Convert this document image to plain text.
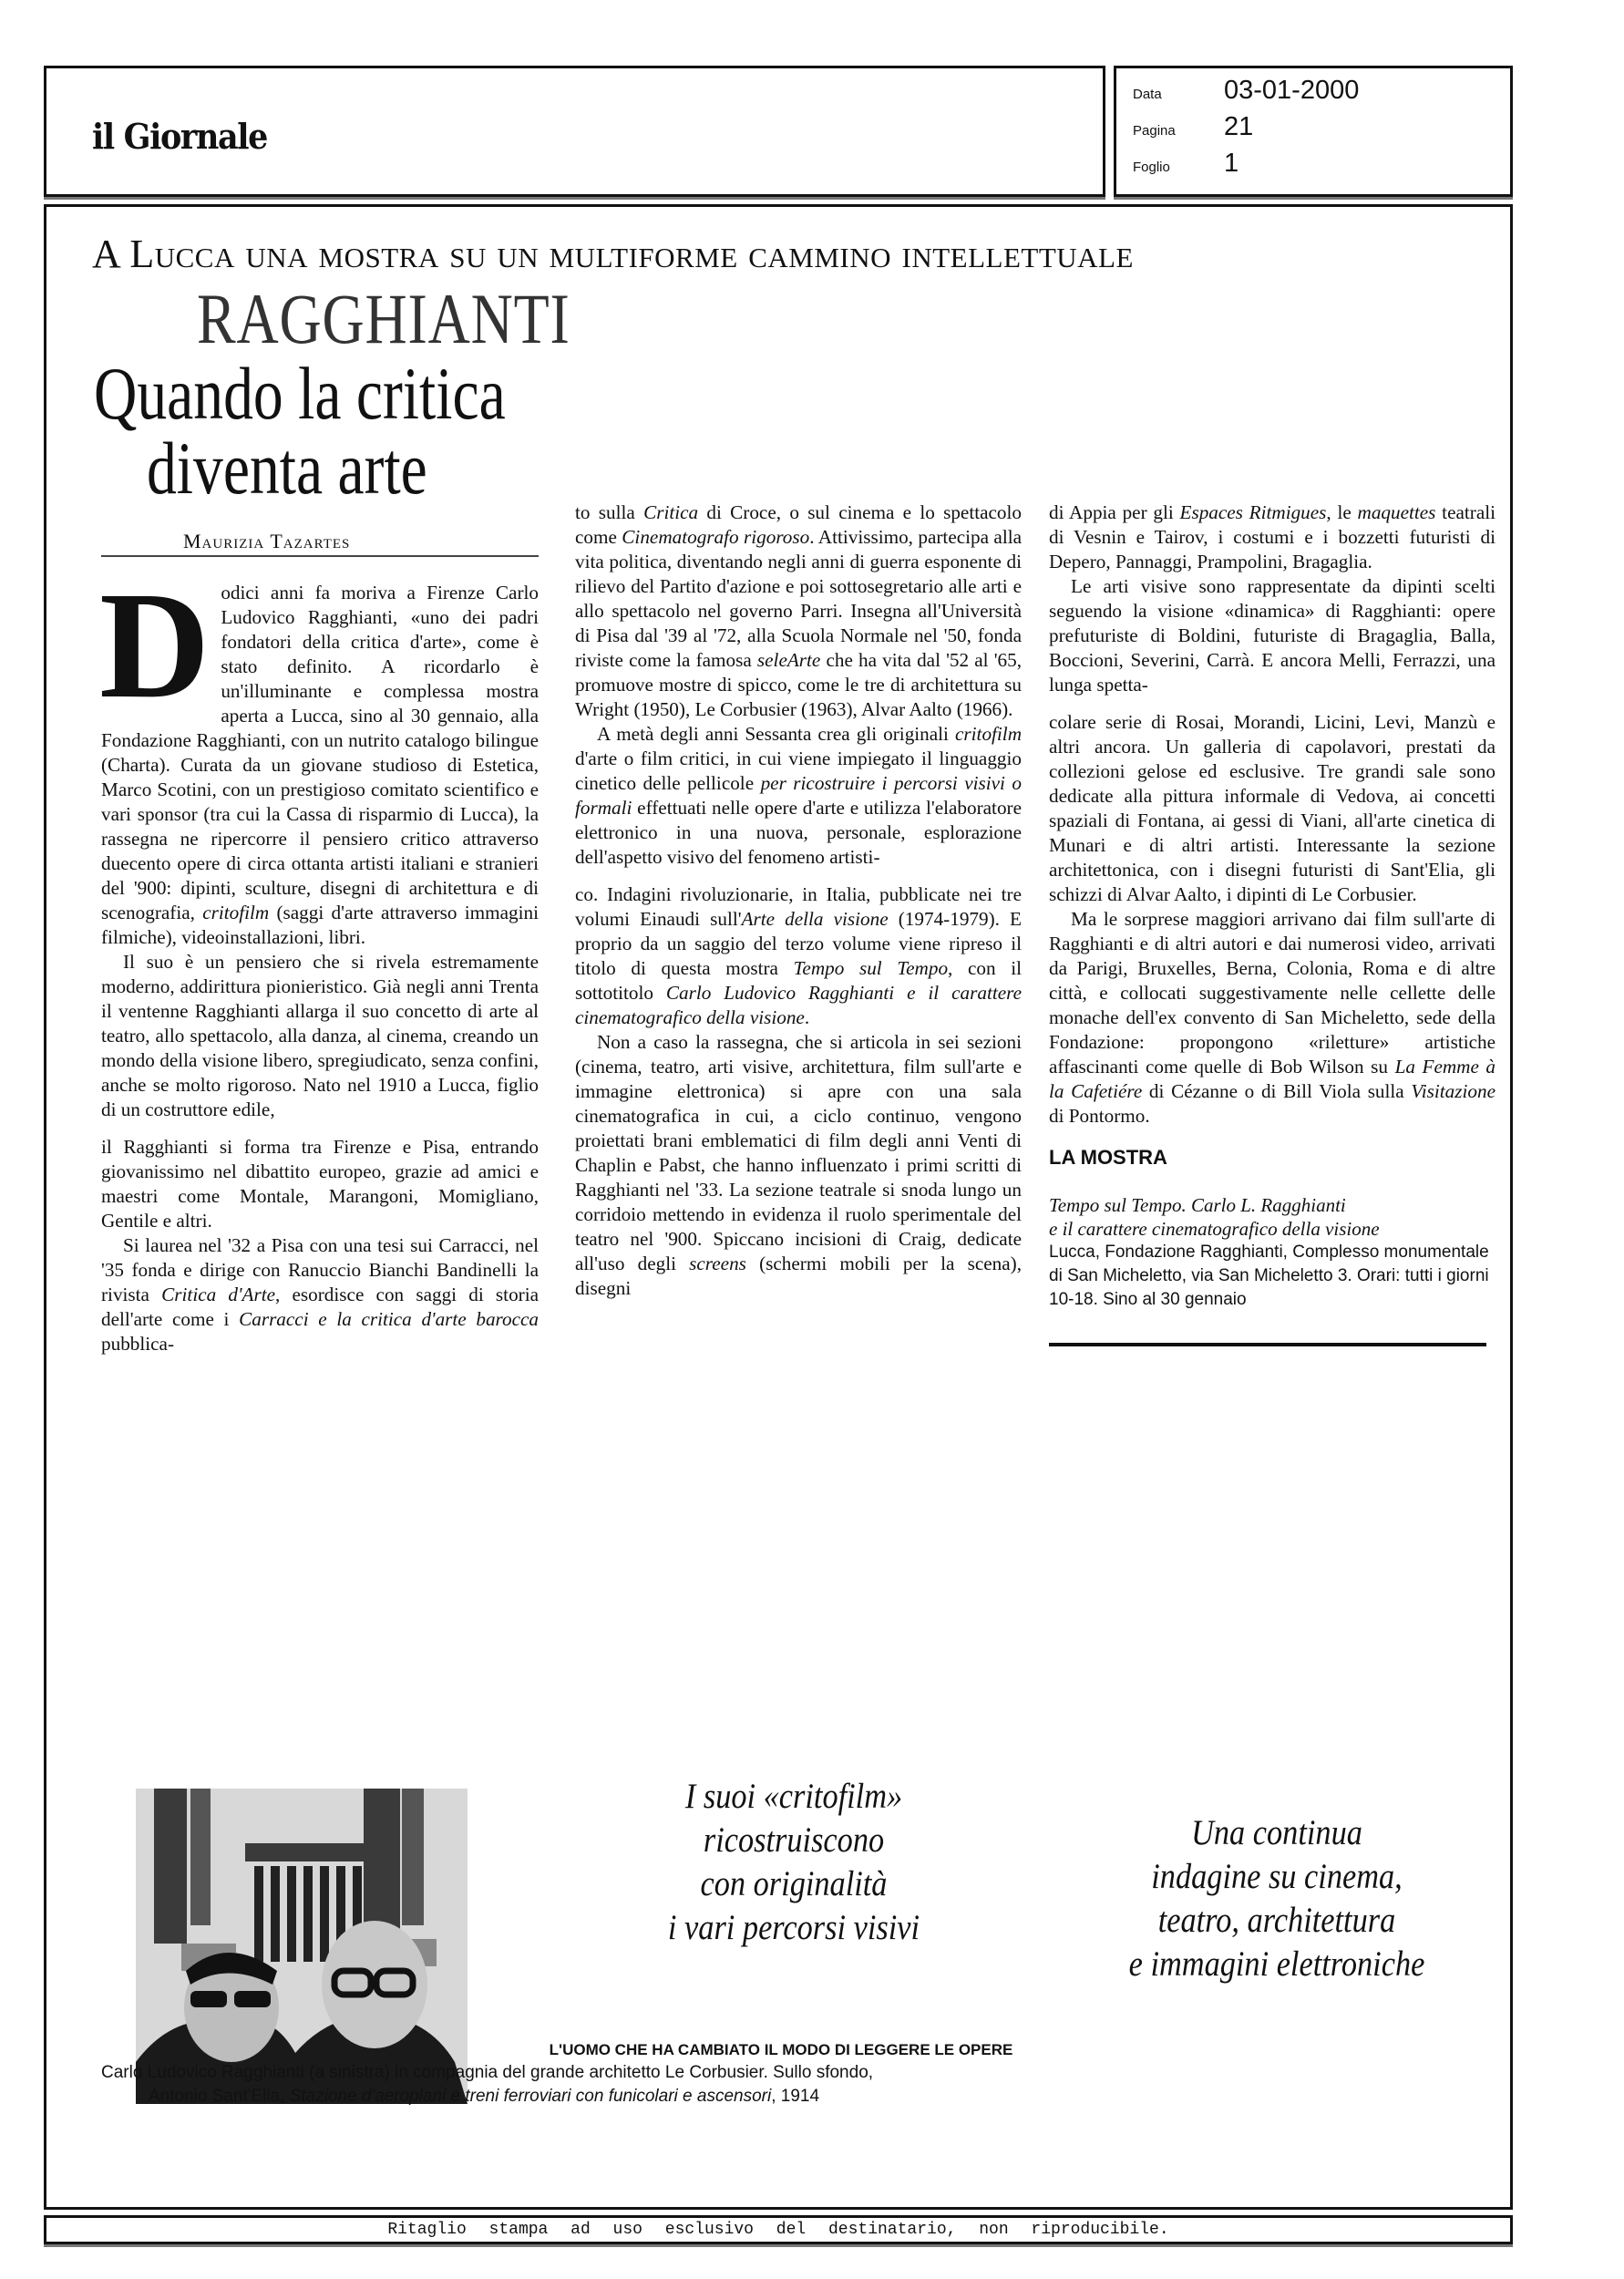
il Giornale
Data	03-01-2000
Pagina	21
Foglio	1
A Lucca una mostra su un multiforme cammino intellettuale
RAGGHIANTI
Quando la critica
diventa arte
Maurizia Tazartes

Dodici anni fa moriva a Firenze Carlo Ludovico Ragghianti, «uno dei padri fondatori della critica d'arte», come è stato definito. A ricordarlo è un'illuminante e complessa mostra aperta a Lucca, sino al 30 gennaio, alla Fondazione Ragghianti, con un nutrito catalogo bilingue (Charta). Curata da un giovane studioso di Estetica, Marco Scotini, con un prestigioso comitato scientifico e vari sponsor (tra cui la Cassa di risparmio di Lucca), la rassegna ne ripercorre il pensiero critico attraverso duecento opere di circa ottanta artisti italiani e stranieri del '900: dipinti, sculture, disegni di architettura e di scenografia, critofilm (saggi d'arte attraverso immagini filmiche), videoinstallazioni, libri.

Il suo è un pensiero che si rivela estremamente moderno, addirittura pionieristico. Già negli anni Trenta il ventenne Ragghianti allarga il suo concetto di arte al teatro, allo spettacolo, alla danza, al cinema, creando un mondo della visione libero, spregiudicato, senza confini, anche se molto rigoroso. Nato nel 1910 a Lucca, figlio di un costruttore edile,

il Ragghianti si forma tra Firenze e Pisa, entrando giovanissimo nel dibattito europeo, grazie ad amici e maestri come Montale, Marangoni, Momigliano, Gentile e altri.

Si laurea nel '32 a Pisa con una tesi sui Carracci, nel '35 fonda e dirige con Ranuccio Bianchi Bandinelli la rivista Critica d'Arte, esordisce con saggi di storia dell'arte come i Carracci e la critica d'arte barocca pubblica-

to sulla Critica di Croce, o sul cinema e lo spettacolo come Cinematografo rigoroso. Attivissimo, partecipa alla vita politica, diventando negli anni di guerra esponente di rilievo del Partito d'azione e poi sottosegretario alle arti e allo spettacolo nel governo Parri. Insegna all'Università di Pisa dal '39 al '72, alla Scuola Normale nel '50, fonda riviste come la famosa seleArte che ha vita dal '52 al '65, promuove mostre di spicco, come le tre di architettura su Wright (1950), Le Corbusier (1963), Alvar Aalto (1966).

A metà degli anni Sessanta crea gli originali critofilm d'arte o film critici, in cui viene impiegato il linguaggio cinetico delle pellicole per ricostruire i percorsi visivi o formali effettuati nelle opere d'arte e utilizza l'elaboratore elettronico in una nuova, personale, esplorazione dell'aspetto visivo del fenomeno artisti-

co. Indagini rivoluzionarie, in Italia, pubblicate nei tre volumi Einaudi sull'Arte della visione (1974-1979). E proprio da un saggio del terzo volume viene ripreso il titolo di questa mostra Tempo sul Tempo, con il sottotitolo Carlo Ludovico Ragghianti e il carattere cinematografico della visione.

Non a caso la rassegna, che si articola in sei sezioni (cinema, teatro, arti visive, architettura, film sull'arte e immagine elettronica) si apre con una sala cinematografica in cui, a ciclo continuo, vengono proiettati brani emblematici di film degli anni Venti di Chaplin e Pabst, che hanno influenzato i primi scritti di Ragghianti nel '33. La sezione teatrale si snoda lungo un corridoio mettendo in evidenza il ruolo sperimentale del teatro nel '900. Spiccano incisioni di Craig, dedicate all'uso degli screens (schermi mobili per la scena), disegni

di Appia per gli Espaces Ritmigues, le maquettes teatrali di Vesnin e Tairov, i costumi e i bozzetti futuristi di Depero, Pannaggi, Prampolini, Bragaglia.

Le arti visive sono rappresentate da dipinti scelti seguendo la visione «dinamica» di Ragghianti: opere prefuturiste di Boldini, futuriste di Bragaglia, Balla, Boccioni, Severini, Carrà. E ancora Melli, Ferrazzi, una lunga spetta-

colare serie di Rosai, Morandi, Licini, Levi, Manzù e altri ancora. Un galleria di capolavori, prestati da collezioni gelose ed esclusive. Tre grandi sale sono dedicate alla pittura informale di Vedova, ai concetti spaziali di Fontana, ai gessi di Viani, all'arte cinetica di Munari e di altri artisti. Interessante la sezione architettonica, con i disegni futuristi di Sant'Elia, gli schizzi di Alvar Aalto, i dipinti di Le Corbusier.

Ma le sorprese maggiori arrivano dai film sull'arte di Ragghianti e di altri autori e dai numerosi video, arrivati da Parigi, Bruxelles, Berna, Colonia, Roma e di altre città, e collocati suggestivamente nelle cellette delle monache dell'ex convento di San Micheletto, sede della Fondazione: propongono «riletture» artistiche affascinanti come quelle di Bob Wilson su La Femme à la Cafetiére di Cézanne o di Bill Viola sulla Visitazione di Pontormo.

LA MOSTRA
Tempo sul Tempo. Carlo L. Ragghianti
e il carattere cinematografico della visione
Lucca, Fondazione Ragghianti, Complesso monumentale di San Micheletto, via San Micheletto 3. Orari: tutti i giorni 10-18. Sino al 30 gennaio
I suoi «critofilm»
ricostruiscono
con originalità
i vari percorsi visivi
Una continua
indagine su cinema,
teatro, architettura
e immagini elettroniche
L'UOMO CHE HA CAMBIATO IL MODO DI LEGGERE LE OPERE
Carlo Ludovico Ragghianti (a sinistra) in compagnia del grande architetto Le Corbusier. Sullo sfondo,
Antonio Sant'Elia, Stazione d'aeroplani e treni ferroviari con funicolari e ascensori, 1914
Ritaglio stampa ad uso esclusivo del destinatario, non riproducibile.
